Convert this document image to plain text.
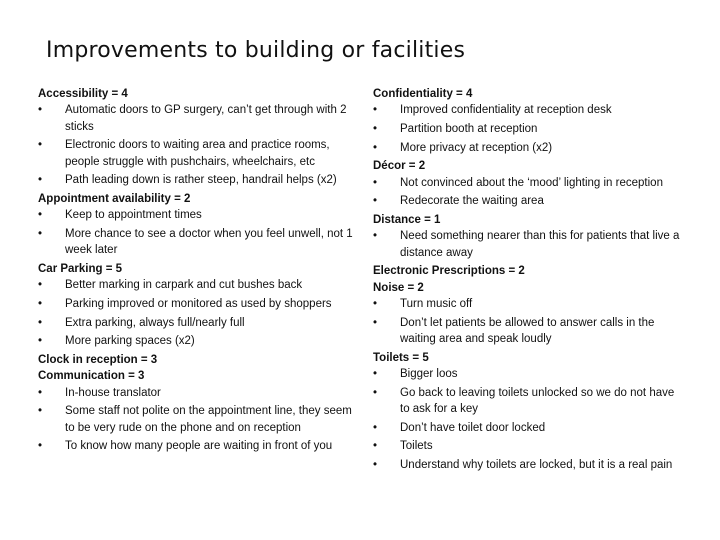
Improvements to building or facilities

Accessibility = 4

• Automatic doors to GP surgery, can’t get through with 2 sticks
• Electronic doors to waiting area and practice rooms, people struggle with pushchairs, wheelchairs, etc
• Path leading down is rather steep, handrail helps (x2)

Appointment availability = 2

• Keep to appointment times
• More chance to see a doctor when you feel unwell, not 1 week later

Car Parking = 5

• Better marking in carpark and cut bushes back
• Parking improved or monitored as used by shoppers
• Extra parking, always full/nearly full
• More parking spaces (x2)

Clock in reception = 3

Communication = 3

• In-house translator
• Some staff not polite on the appointment line, they seem to be very rude on the phone and on reception
• To know how many people are waiting in front of you

Confidentiality = 4

• Improved confidentiality at reception desk
• Partition booth at reception
• More privacy at reception (x2)

Décor = 2

• Not convinced about the ‘mood’ lighting in reception
• Redecorate the waiting area

Distance = 1

• Need something nearer than this for patients that live a distance away

Electronic Prescriptions = 2

Noise = 2

• Turn music off
• Don’t let patients be allowed to answer calls in the waiting area and speak loudly

Toilets = 5

• Bigger loos
• Go back to leaving toilets unlocked so we do not have to ask for a key
• Don’t have toilet door locked
• Toilets
• Understand why toilets are locked, but it is a real pain
